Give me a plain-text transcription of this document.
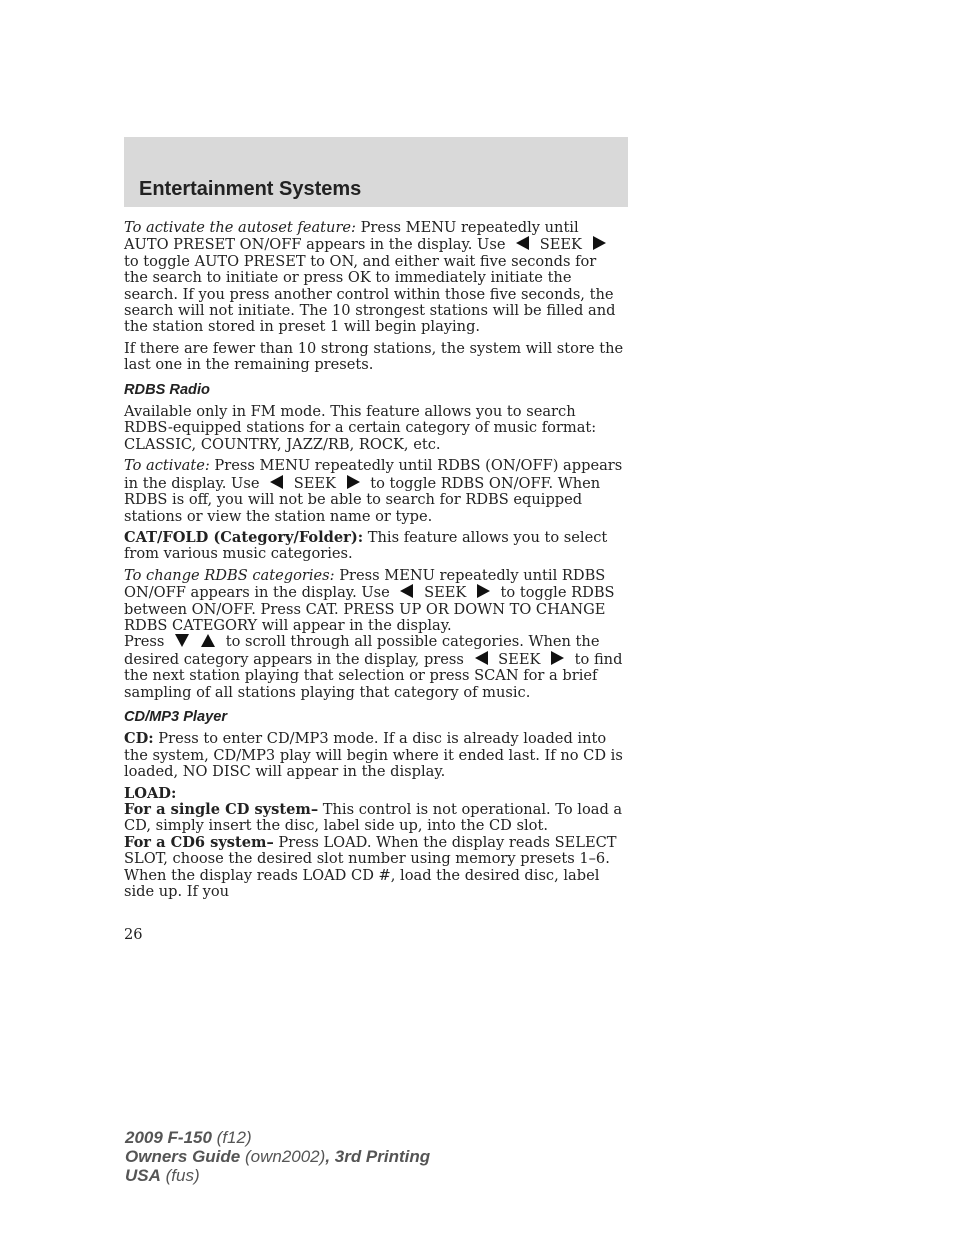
Entertainment Systems

To activate the autoset feature: Press MENU repeatedly until AUTO PRESET ON/OFF appears in the display. Use  SEEK  to toggle AUTO PRESET to ON, and either wait five seconds for the search to initiate or press OK to immediately initiate the search. If you press another control within those five seconds, the search will not initiate. The 10 strongest stations will be filled and the station stored in preset 1 will begin playing.

If there are fewer than 10 strong stations, the system will store the last one in the remaining presets.

RDBS Radio

Available only in FM mode. This feature allows you to search RDBS-equipped stations for a certain category of music format: CLASSIC, COUNTRY, JAZZ/RB, ROCK, etc.

To activate: Press MENU repeatedly until RDBS (ON/OFF) appears in the display. Use  SEEK  to toggle RDBS ON/OFF. When RDBS is off, you will not be able to search for RDBS equipped stations or view the station name or type.

CAT/FOLD (Category/Folder): This feature allows you to select from various music categories.

To change RDBS categories: Press MENU repeatedly until RDBS ON/OFF appears in the display. Use  SEEK  to toggle RDBS between ON/OFF. Press CAT. PRESS UP OR DOWN TO CHANGE RDBS CATEGORY will appear in the display.

Press	to scroll through all possible categories. When the desired category appears in the display, press  SEEK  to find the next station playing that selection or press SCAN for a brief sampling of all stations playing that category of music.

CD/MP3 Player

CD: Press to enter CD/MP3 mode. If a disc is already loaded into the system, CD/MP3 play will begin where it ended last. If no CD is loaded, NO DISC will appear in the display.

LOAD:

For a single CD system– This control is not operational. To load a CD, simply insert the disc, label side up, into the CD slot.

For a CD6 system– Press LOAD. When the display reads SELECT SLOT, choose the desired slot number using memory presets 1–6. When the display reads LOAD CD #, load the desired disc, label side up. If you

26
2009 F-150 (f12)
Owners Guide (own2002), 3rd Printing
USA (fus)
